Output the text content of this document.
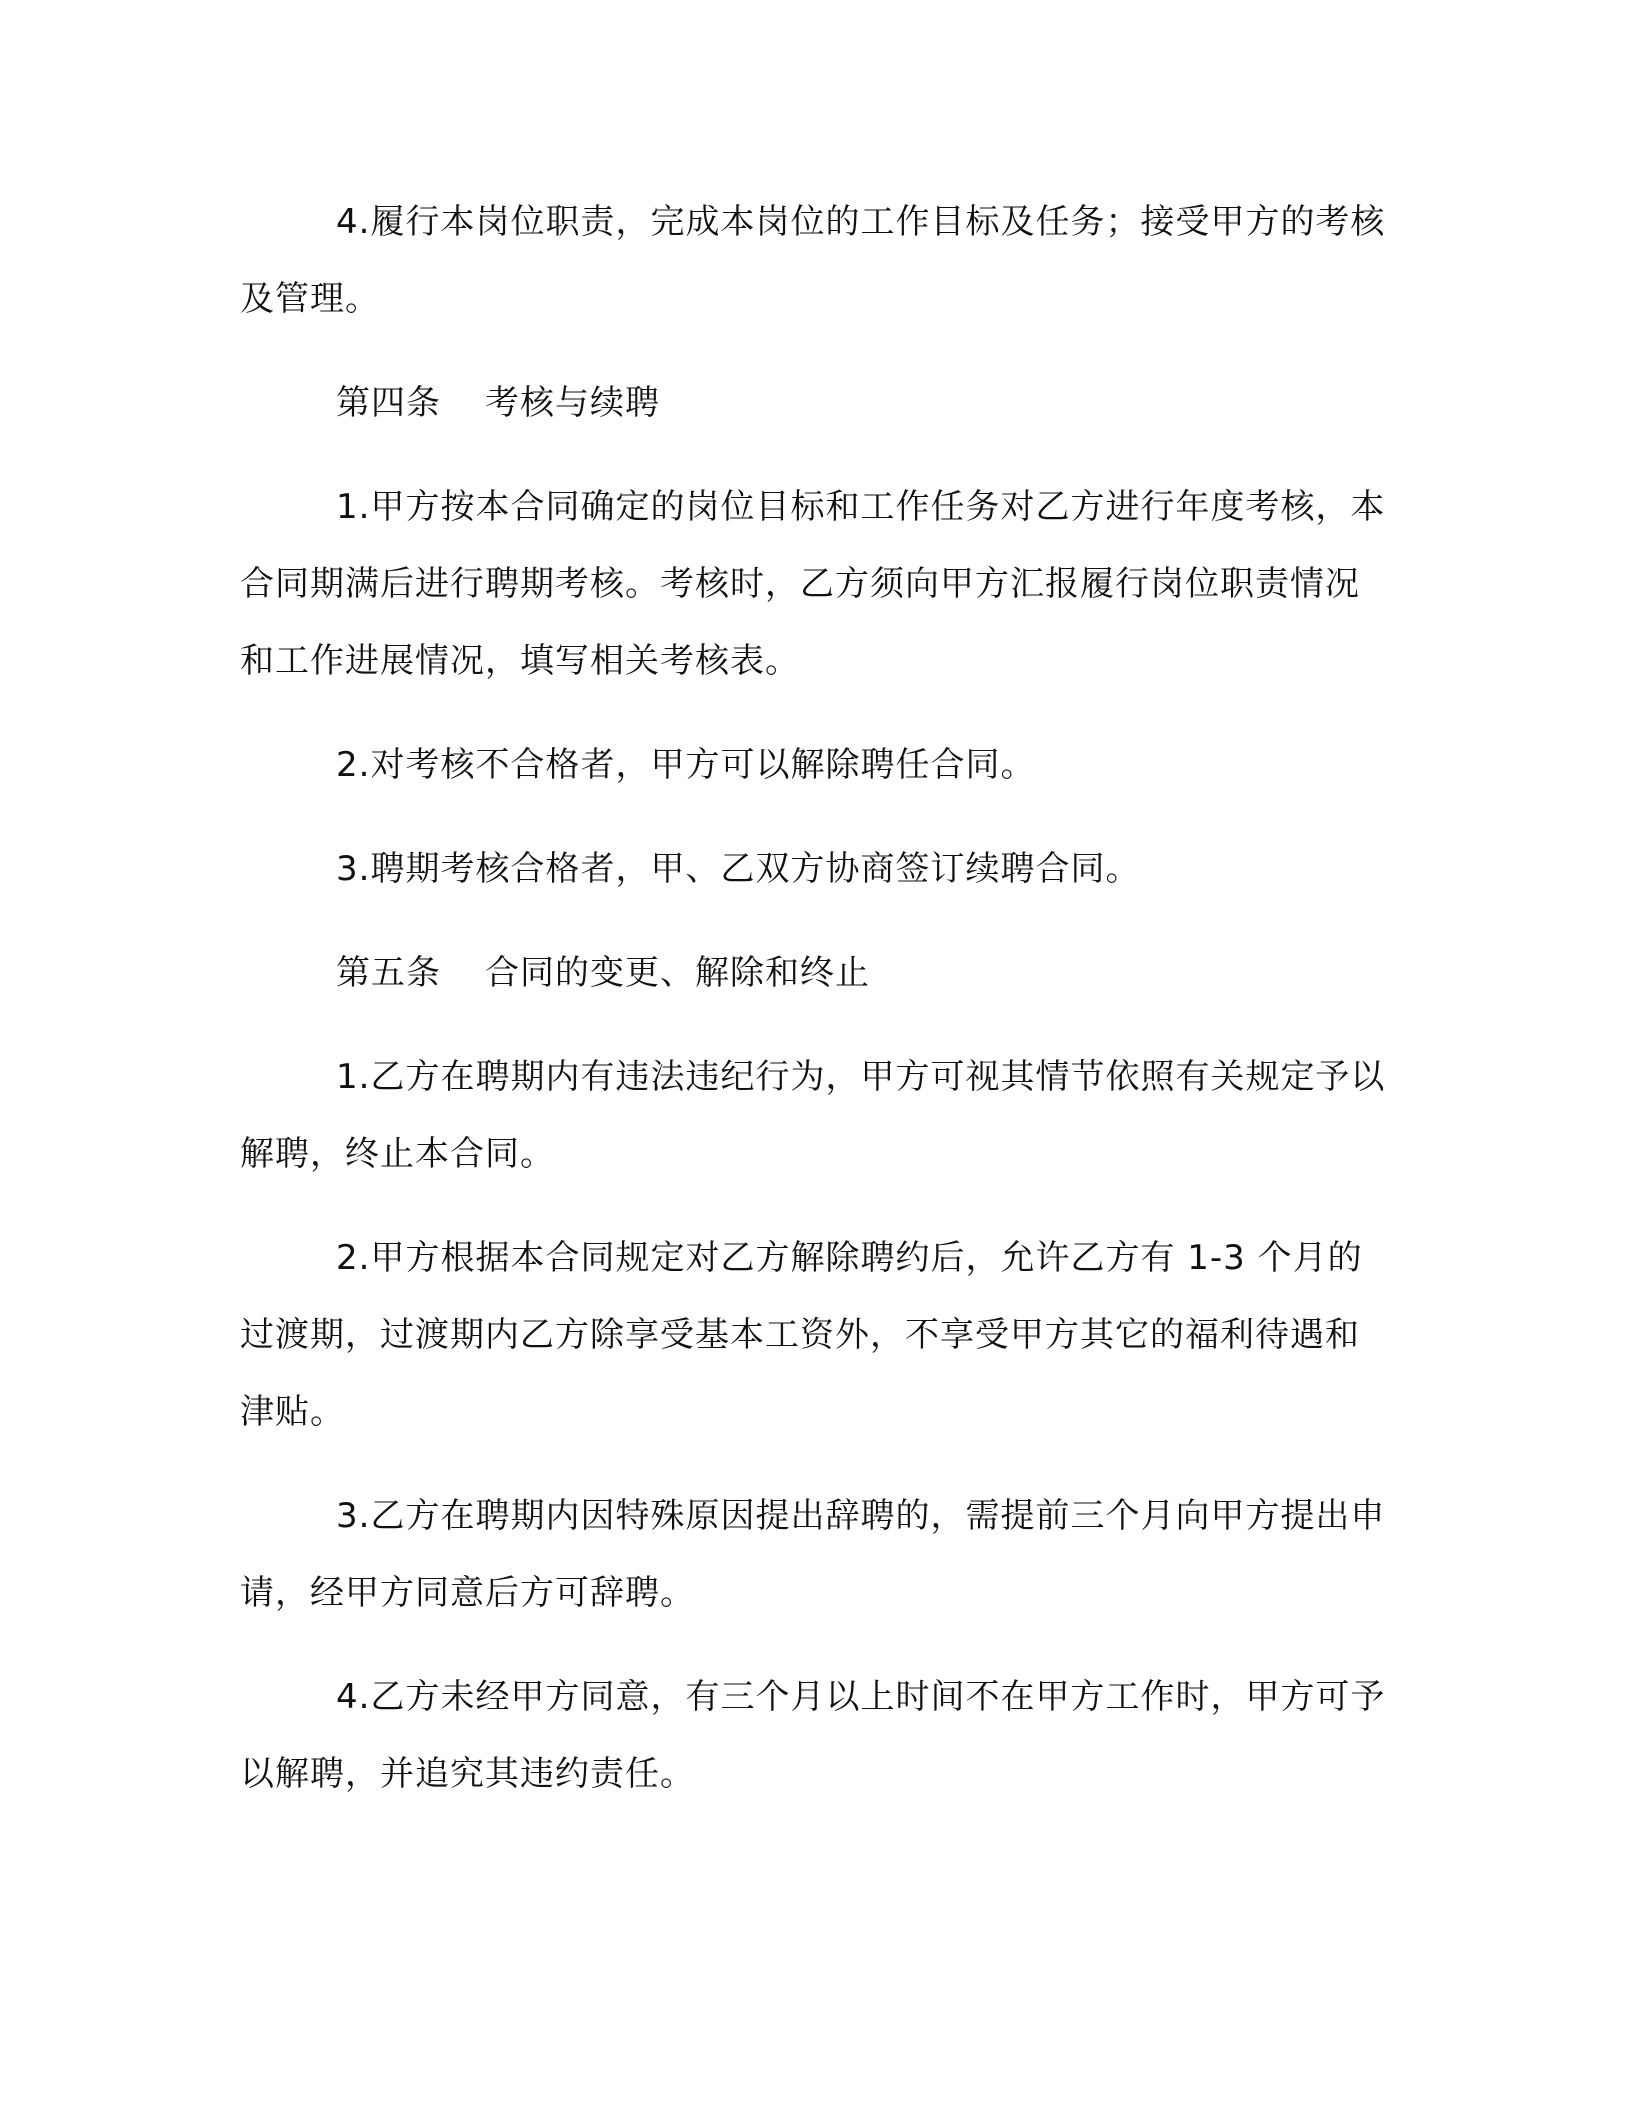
4.履行本岗位职责，完成本岗位的工作目标及任务；接受甲方的考核及管理。

第四条 考核与续聘

1.甲方按本合同确定的岗位目标和工作任务对乙方进行年度考核，本合同期满后进行聘期考核。考核时，乙方须向甲方汇报履行岗位职责情况和工作进展情况，填写相关考核表。

2.对考核不合格者，甲方可以解除聘任合同。

3.聘期考核合格者，甲、乙双方协商签订续聘合同。

第五条 合同的变更、解除和终止

1.乙方在聘期内有违法违纪行为，甲方可视其情节依照有关规定予以解聘，终止本合同。

2.甲方根据本合同规定对乙方解除聘约后，允许乙方有 1-3 个月的过渡期，过渡期内乙方除享受基本工资外，不享受甲方其它的福利待遇和津贴。

3.乙方在聘期内因特殊原因提出辞聘的，需提前三个月向甲方提出申请，经甲方同意后方可辞聘。

4.乙方未经甲方同意，有三个月以上时间不在甲方工作时，甲方可予以解聘，并追究其违约责任。
